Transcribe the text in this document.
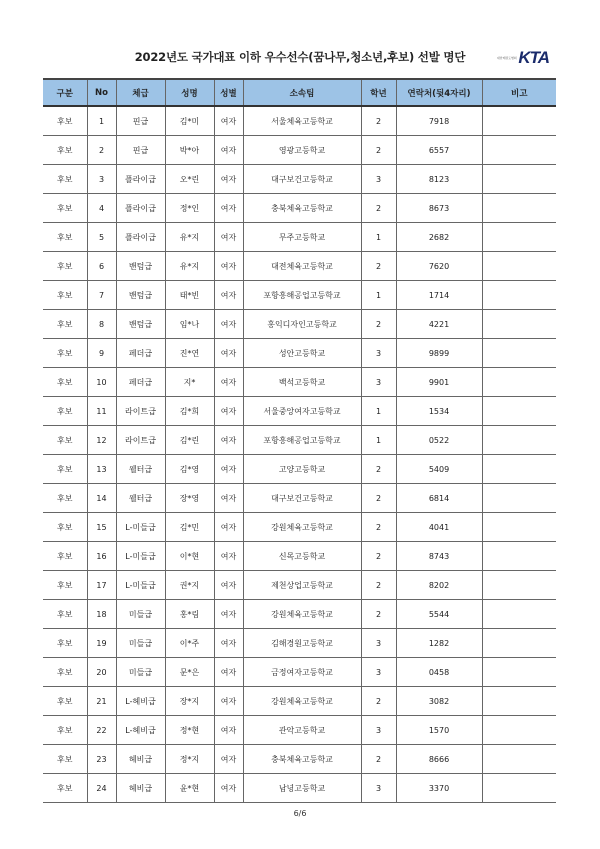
2022년도 국가대표 이하 우수선수(꿈나무,청소년,후보) 선발 명단	대한태권도협회 KTA
구분	No	체급	성명	성별	소속팀	학년	연락처(뒷4자리)	비고
후보	1	핀급	김*미	여자	서울체육고등학교	2	7918	
후보	2	핀급	박*아	여자	영광고등학교	2	6557	
후보	3	플라이급	오*린	여자	대구보건고등학교	3	8123	
후보	4	플라이급	정*인	여자	충북체육고등학교	2	8673	
후보	5	플라이급	유*지	여자	무주고등학교	1	2682	
후보	6	밴텀급	유*지	여자	대전체육고등학교	2	7620	
후보	7	밴텀급	태*빈	여자	포항흥해공업고등학교	1	1714	
후보	8	밴텀급	임*나	여자	홍익디자인고등학교	2	4221	
후보	9	페더급	진*연	여자	성안고등학교	3	9899	
후보	10	페더급	지*	여자	백석고등학교	3	9901	
후보	11	라이트급	김*희	여자	서울중앙여자고등학교	1	1534	
후보	12	라이트급	김*린	여자	포항흥해공업고등학교	1	0522	
후보	13	웰터급	김*영	여자	고양고등학교	2	5409	
후보	14	웰터급	장*영	여자	대구보건고등학교	2	6814	
후보	15	L-미들급	김*민	여자	강원체육고등학교	2	4041	
후보	16	L-미들급	이*현	여자	신목고등학교	2	8743	
후보	17	L-미들급	권*지	여자	제천상업고등학교	2	8202	
후보	18	미들급	홍*림	여자	강원체육고등학교	2	5544	
후보	19	미들급	이*주	여자	김해경원고등학교	3	1282	
후보	20	미들급	문*은	여자	금정여자고등학교	3	0458	
후보	21	L-헤비급	장*지	여자	강원체육고등학교	2	3082	
후보	22	L-헤비급	정*현	여자	관악고등학교	3	1570	
후보	23	헤비급	정*지	여자	충북체육고등학교	2	8666	
후보	24	헤비급	윤*현	여자	남녕고등학교	3	3370	
6/6
